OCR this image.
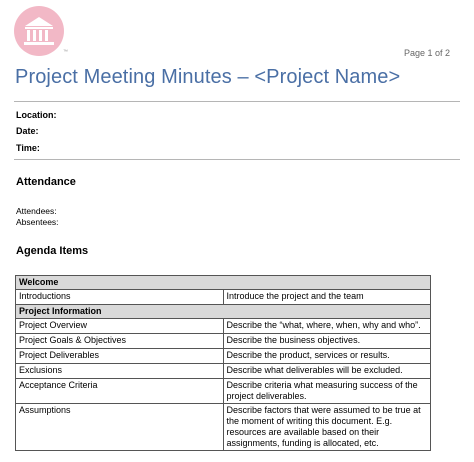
™	Page 1 of 2
Project Meeting Minutes – <Project Name>
Location:
Date:
Time:
Attendance
Attendees:
Absentees:
Agenda Items
Welcome	
Introductions	Introduce the project and the team
Project Information	
Project Overview	Describe the “what, where, when, why and who”.
Project Goals & Objectives	Describe the business objectives.
Project Deliverables	Describe the product, services or results.
Exclusions	Describe what deliverables will be excluded.
Acceptance Criteria	Describe criteria what measuring success of the project deliverables.
Assumptions	Describe factors that were assumed to be true at the moment of writing this document. E.g. resources are available based on their assignments, funding is allocated, etc.
